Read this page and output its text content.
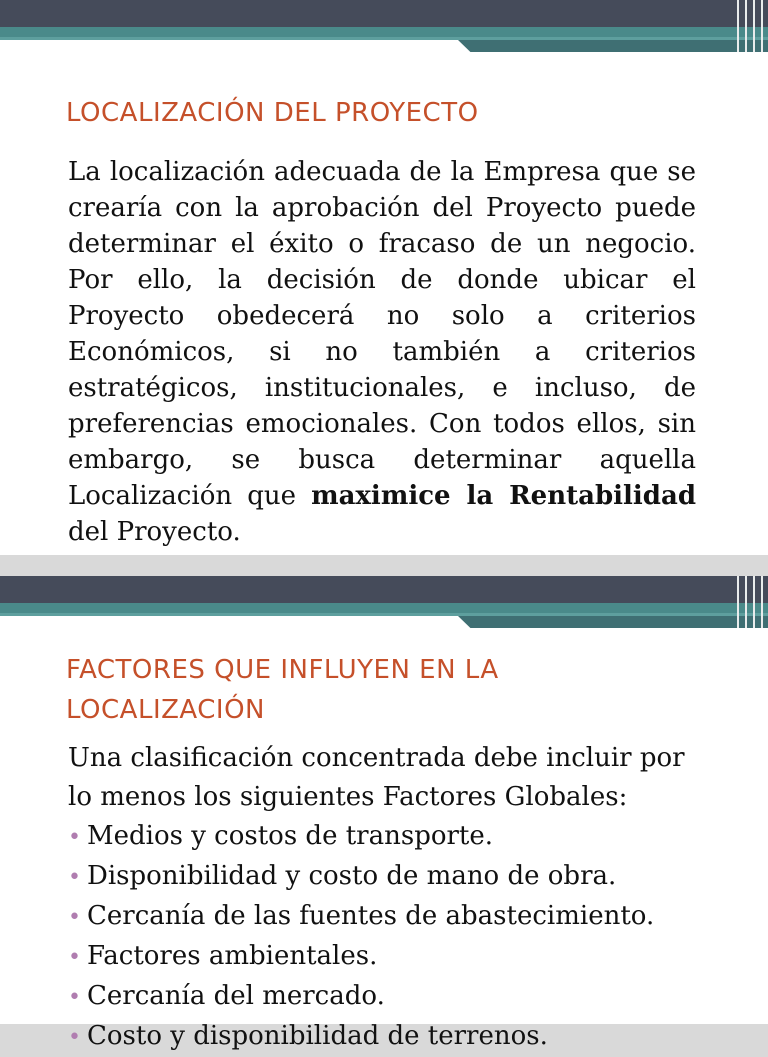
LOCALIZACIÓN DEL PROYECTO
La localización adecuada de la Empresa que se crearía con la aprobación del Proyecto puede determinar el éxito o fracaso de un negocio. Por ello, la decisión de donde ubicar el Proyecto obedecerá no solo a criterios Económicos, si no también a criterios estratégicos, institucionales, e incluso, de preferencias emocionales. Con todos ellos, sin embargo, se busca determinar aquella Localización que maximice la Rentabilidad del Proyecto.
FACTORES QUE INFLUYEN EN LA LOCALIZACIÓN
Una clasificación concentrada debe incluir por lo menos los siguientes Factores Globales:
• Medios y costos de transporte.
• Disponibilidad y costo de mano de obra.
• Cercanía de las fuentes de abastecimiento.
• Factores ambientales.
• Cercanía del mercado.
• Costo y disponibilidad de terrenos.
